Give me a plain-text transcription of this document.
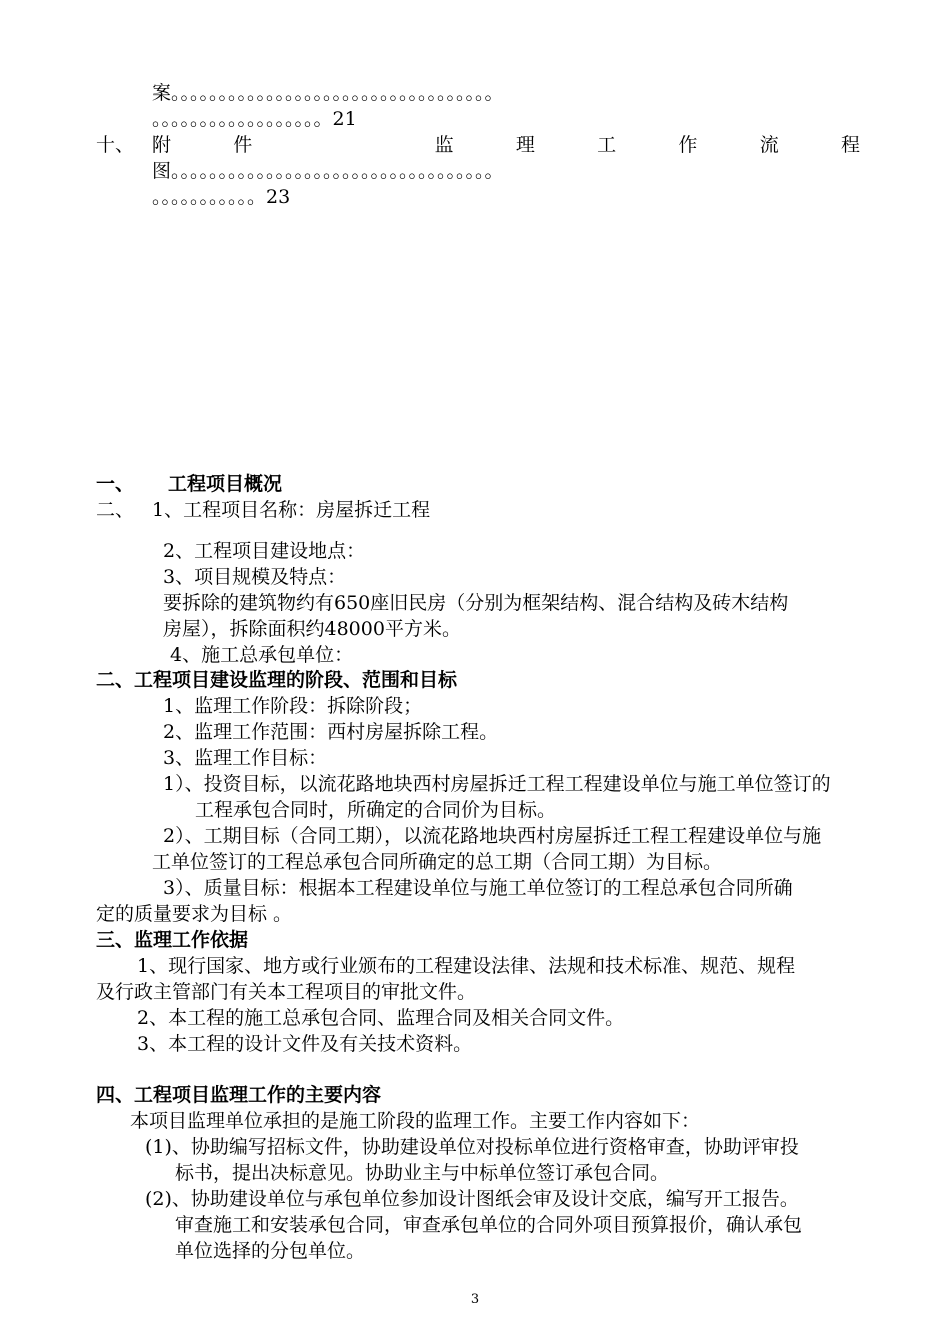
案。。。。。。。。。。。。。。。。。。。。。。。。。。。。。。。。。。
。。。。。。。。。。。。。。。。。。21
十、 附	件	监	理	工	作	流	程
图。。。。。。。。。。。。。。。。。。。。。。。。。。。。。。。。。。
。。。。。。。。。。。23
一、 工程项目概况
二、 1、工程项目名称：房屋拆迁工程
2、工程项目建设地点：
3、项目规模及特点：
要拆除的建筑物约有650座旧民房（分别为框架结构、混合结构及砖木结构
房屋），拆除面积约48000平方米。
4、施工总承包单位：
二、工程项目建设监理的阶段、范围和目标
1、监理工作阶段：拆除阶段；
2、监理工作范围：西村房屋拆除工程。
3、监理工作目标：
1）、投资目标，以流花路地块西村房屋拆迁工程工程建设单位与施工单位签订的
工程承包合同时，所确定的合同价为目标。
2）、工期目标（合同工期），以流花路地块西村房屋拆迁工程工程建设单位与施
工单位签订的工程总承包合同所确定的总工期（合同工期）为目标。
3）、质量目标：根据本工程建设单位与施工单位签订的工程总承包合同所确
定的质量要求为目标 。
三、监理工作依据
1、现行国家、地方或行业颁布的工程建设法律、法规和技术标准、规范、规程
及行政主管部门有关本工程项目的审批文件。
2、本工程的施工总承包合同、监理合同及相关合同文件。
3、本工程的设计文件及有关技术资料。
四、工程项目监理工作的主要内容
本项目监理单位承担的是施工阶段的监理工作。主要工作内容如下：
(1)、协助编写招标文件，协助建设单位对投标单位进行资格审查，协助评审投
标书，提出决标意见。协助业主与中标单位签订承包合同。
(2)、协助建设单位与承包单位参加设计图纸会审及设计交底，编写开工报告。
审查施工和安装承包合同，审查承包单位的合同外项目预算报价，确认承包
单位选择的分包单位。
3
